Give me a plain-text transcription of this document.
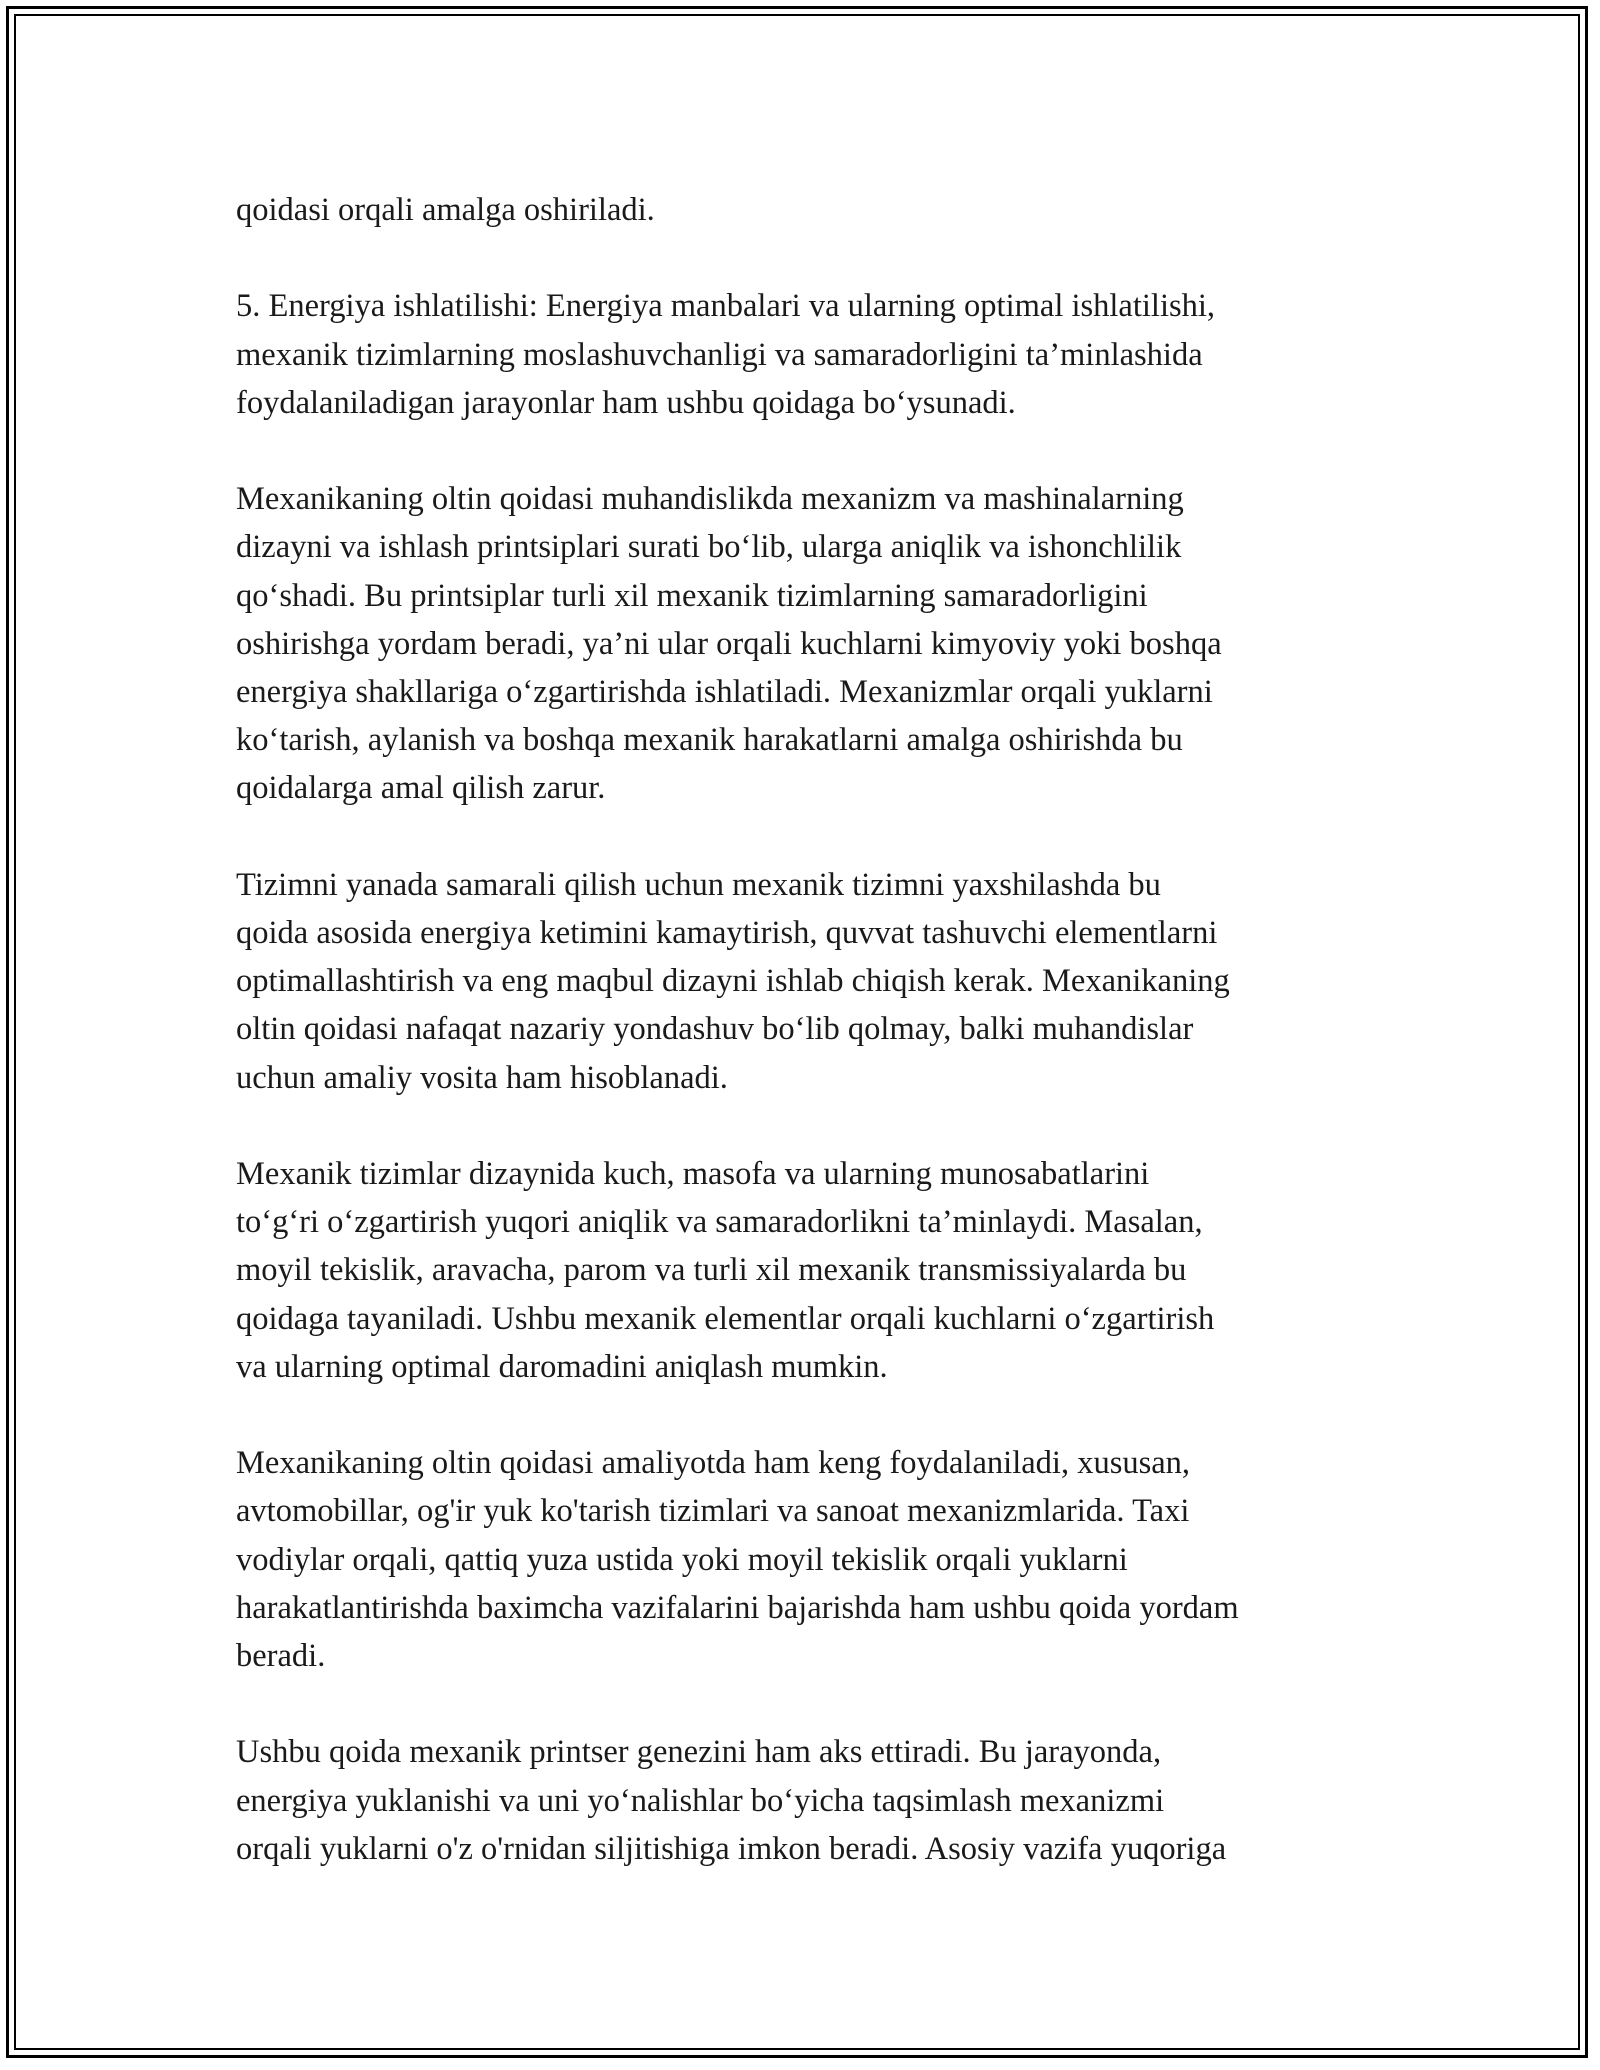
qoidasi orqali amalga oshiriladi.

5. Energiya ishlatilishi: Energiya manbalari va ularning optimal ishlatilishi,
mexanik tizimlarning moslashuvchanligi va samaradorligini ta’minlashida
foydalaniladigan jarayonlar ham ushbu qoidaga bo‘ysunadi.

Mexanikaning oltin qoidasi muhandislikda mexanizm va mashinalarning
dizayni va ishlash printsiplari surati bo‘lib, ularga aniqlik va ishonchlilik
qo‘shadi. Bu printsiplar turli xil mexanik tizimlarning samaradorligini
oshirishga yordam beradi, ya’ni ular orqali kuchlarni kimyoviy yoki boshqa
energiya shakllariga o‘zgartirishda ishlatiladi. Mexanizmlar orqali yuklarni
ko‘tarish, aylanish va boshqa mexanik harakatlarni amalga oshirishda bu
qoidalarga amal qilish zarur.

Tizimni yanada samarali qilish uchun mexanik tizimni yaxshilashda bu
qoida asosida energiya ketimini kamaytirish, quvvat tashuvchi elementlarni
optimallashtirish va eng maqbul dizayni ishlab chiqish kerak. Mexanikaning
oltin qoidasi nafaqat nazariy yondashuv bo‘lib qolmay, balki muhandislar
uchun amaliy vosita ham hisoblanadi.

Mexanik tizimlar dizaynida kuch, masofa va ularning munosabatlarini
to‘g‘ri o‘zgartirish yuqori aniqlik va samaradorlikni ta’minlaydi. Masalan,
moyil tekislik, aravacha, parom va turli xil mexanik transmissiyalarda bu
qoidaga tayaniladi. Ushbu mexanik elementlar orqali kuchlarni o‘zgartirish
va ularning optimal daromadini aniqlash mumkin.

Mexanikaning oltin qoidasi amaliyotda ham keng foydalaniladi, xususan,
avtomobillar, og'ir yuk ko'tarish tizimlari va sanoat mexanizmlarida. Taxi
vodiylar orqali, qattiq yuza ustida yoki moyil tekislik orqali yuklarni
harakatlantirishda baximcha vazifalarini bajarishda ham ushbu qoida yordam
beradi.

Ushbu qoida mexanik printser genezini ham aks ettiradi. Bu jarayonda,
energiya yuklanishi va uni yo‘nalishlar bo‘yicha taqsimlash mexanizmi
orqali yuklarni o'z o'rnidan siljitishiga imkon beradi. Asosiy vazifa yuqoriga
